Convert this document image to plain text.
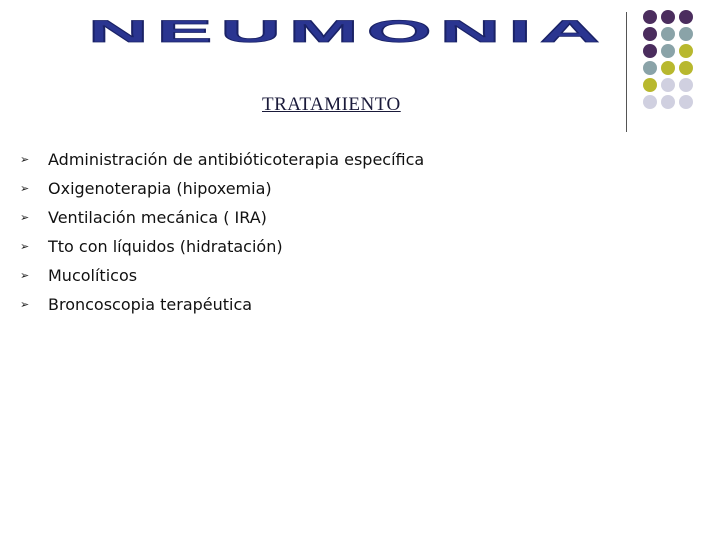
NEUMONIA
TRATAMIENTO
➢	Administración de antibióticoterapia específica
➢	Oxigenoterapia (hipoxemia)
➢	Ventilación mecánica ( IRA)
➢	Tto con líquidos (hidratación)
➢	Mucolíticos
➢	Broncoscopia terapéutica
